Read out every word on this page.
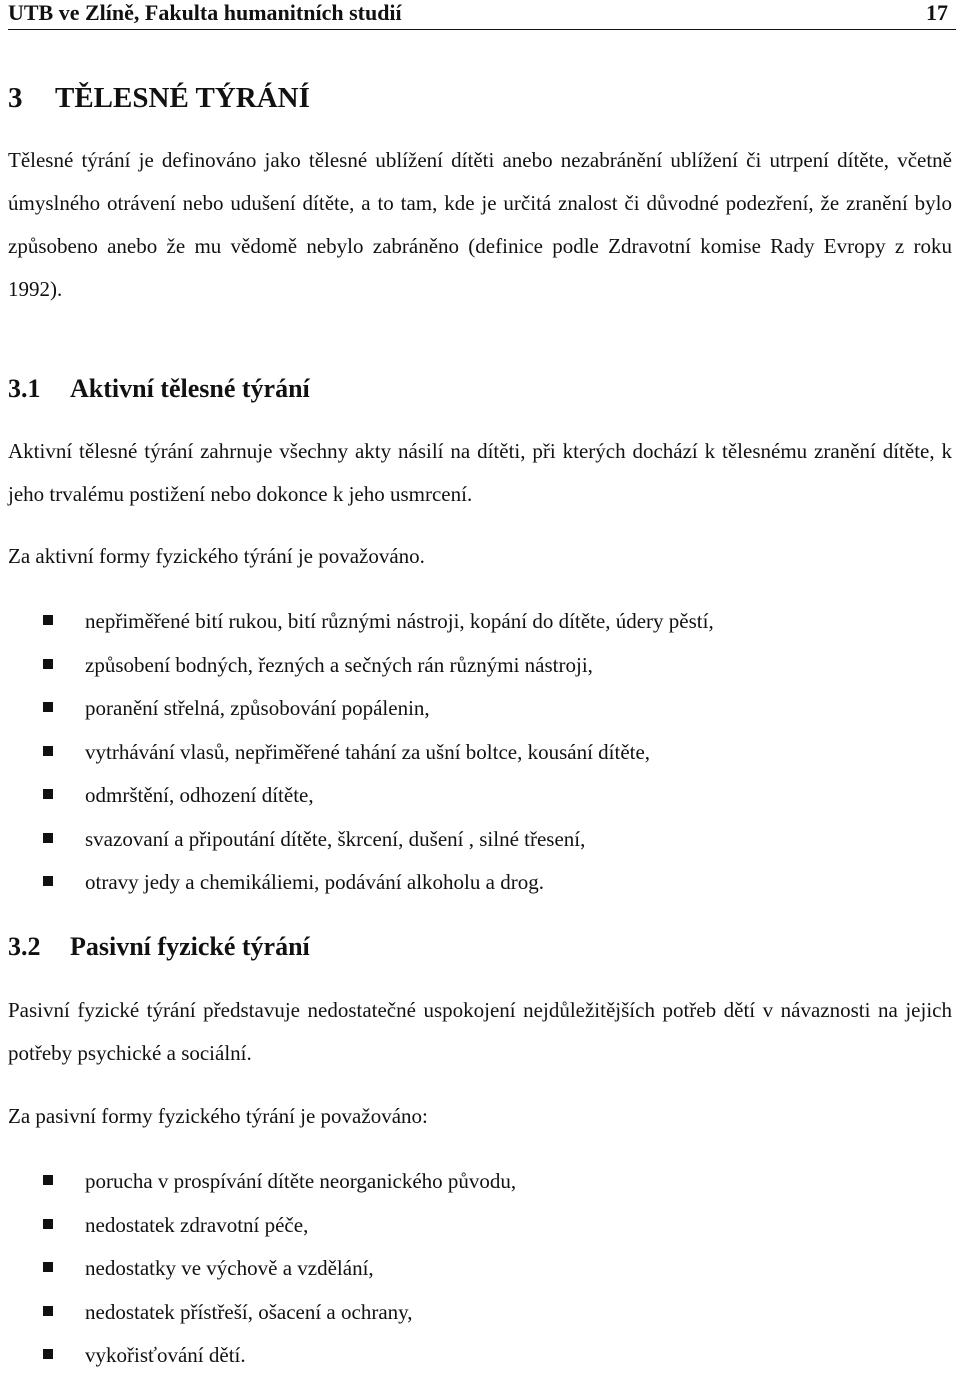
UTB ve Zlíně, Fakulta humanitních studií	17
3 TĚLESNÉ TÝRÁNÍ
Tělesné týrání je definováno jako tělesné ublížení dítěti anebo nezabránění ublížení či utrpení dítěte, včetně úmyslného otrávení nebo udušení dítěte, a to tam, kde je určitá znalost či důvodné podezření, že zranění bylo způsobeno anebo že mu vědomě nebylo zabráněno (definice podle Zdravotní komise Rady Evropy z roku 1992).
3.1 Aktivní tělesné týrání
Aktivní tělesné týrání zahrnuje všechny akty násilí na dítěti, při kterých dochází k tělesnému zranění dítěte, k jeho trvalému postižení nebo dokonce k jeho usmrcení.
Za aktivní formy fyzického týrání je považováno.
nepřiměřené bití rukou, bití různými nástroji, kopání do dítěte, údery pěstí,
způsobení bodných, řezných a sečných rán různými nástroji,
poranění střelná, způsobování popálenin,
vytrhávání vlasů, nepřiměřené tahání za ušní boltce, kousání dítěte,
odmrštění, odhození dítěte,
svazovaní a připoutání dítěte, škrcení, dušení , silné třesení,
otravy jedy a chemikáliemi, podávání alkoholu a drog.
3.2 Pasivní fyzické týrání
Pasivní fyzické týrání představuje nedostatečné uspokojení nejdůležitějších potřeb dětí v návaznosti na jejich potřeby psychické a sociální.
Za pasivní formy fyzického týrání je považováno:
porucha v prospívání dítěte neorganického původu,
nedostatek zdravotní péče,
nedostatky ve výchově a vzdělání,
nedostatek přístřeší, ošacení a ochrany,
vykořisťování dětí.
